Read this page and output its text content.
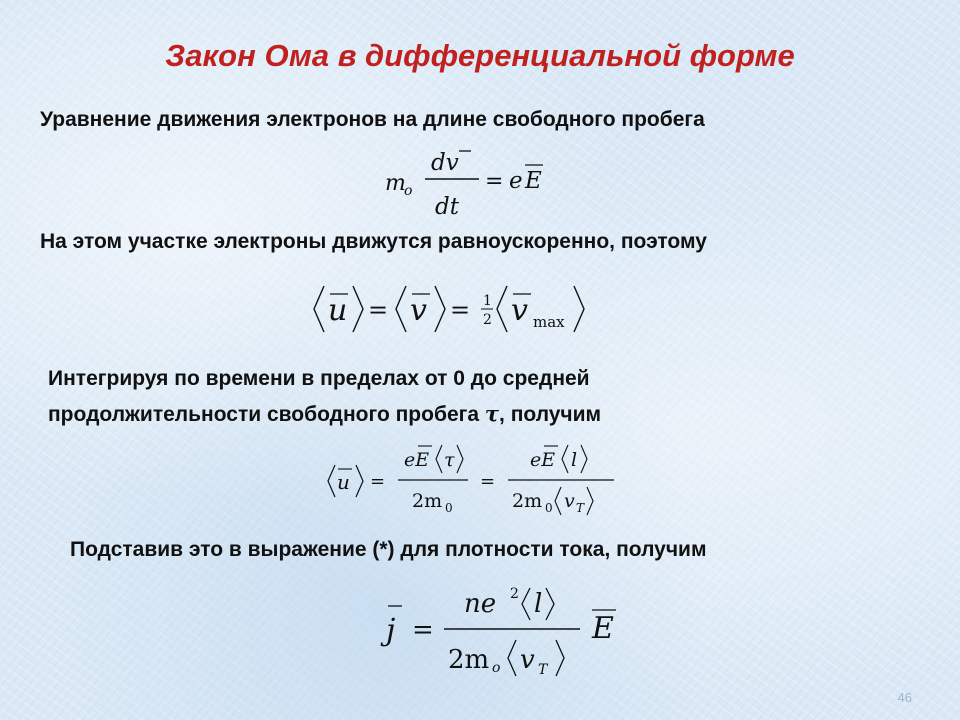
Закон Ома в дифференциальной форме
Уравнение движения электронов на длине свободного пробега
m
o
dv
dt
= e E
На этом участке электроны движутся равноускоренно, поэтому
u = v = 1
2 v max
Интегрируя по времени в пределах от 0 до средней
продолжительности свободного пробега τ, получим
u =
eE τ
2m 0
=
eE l
2m 0 v T
Подставив это в выражение (*) для плотности тока, получим
j =
ne 2 l
2m o v T
E
46
